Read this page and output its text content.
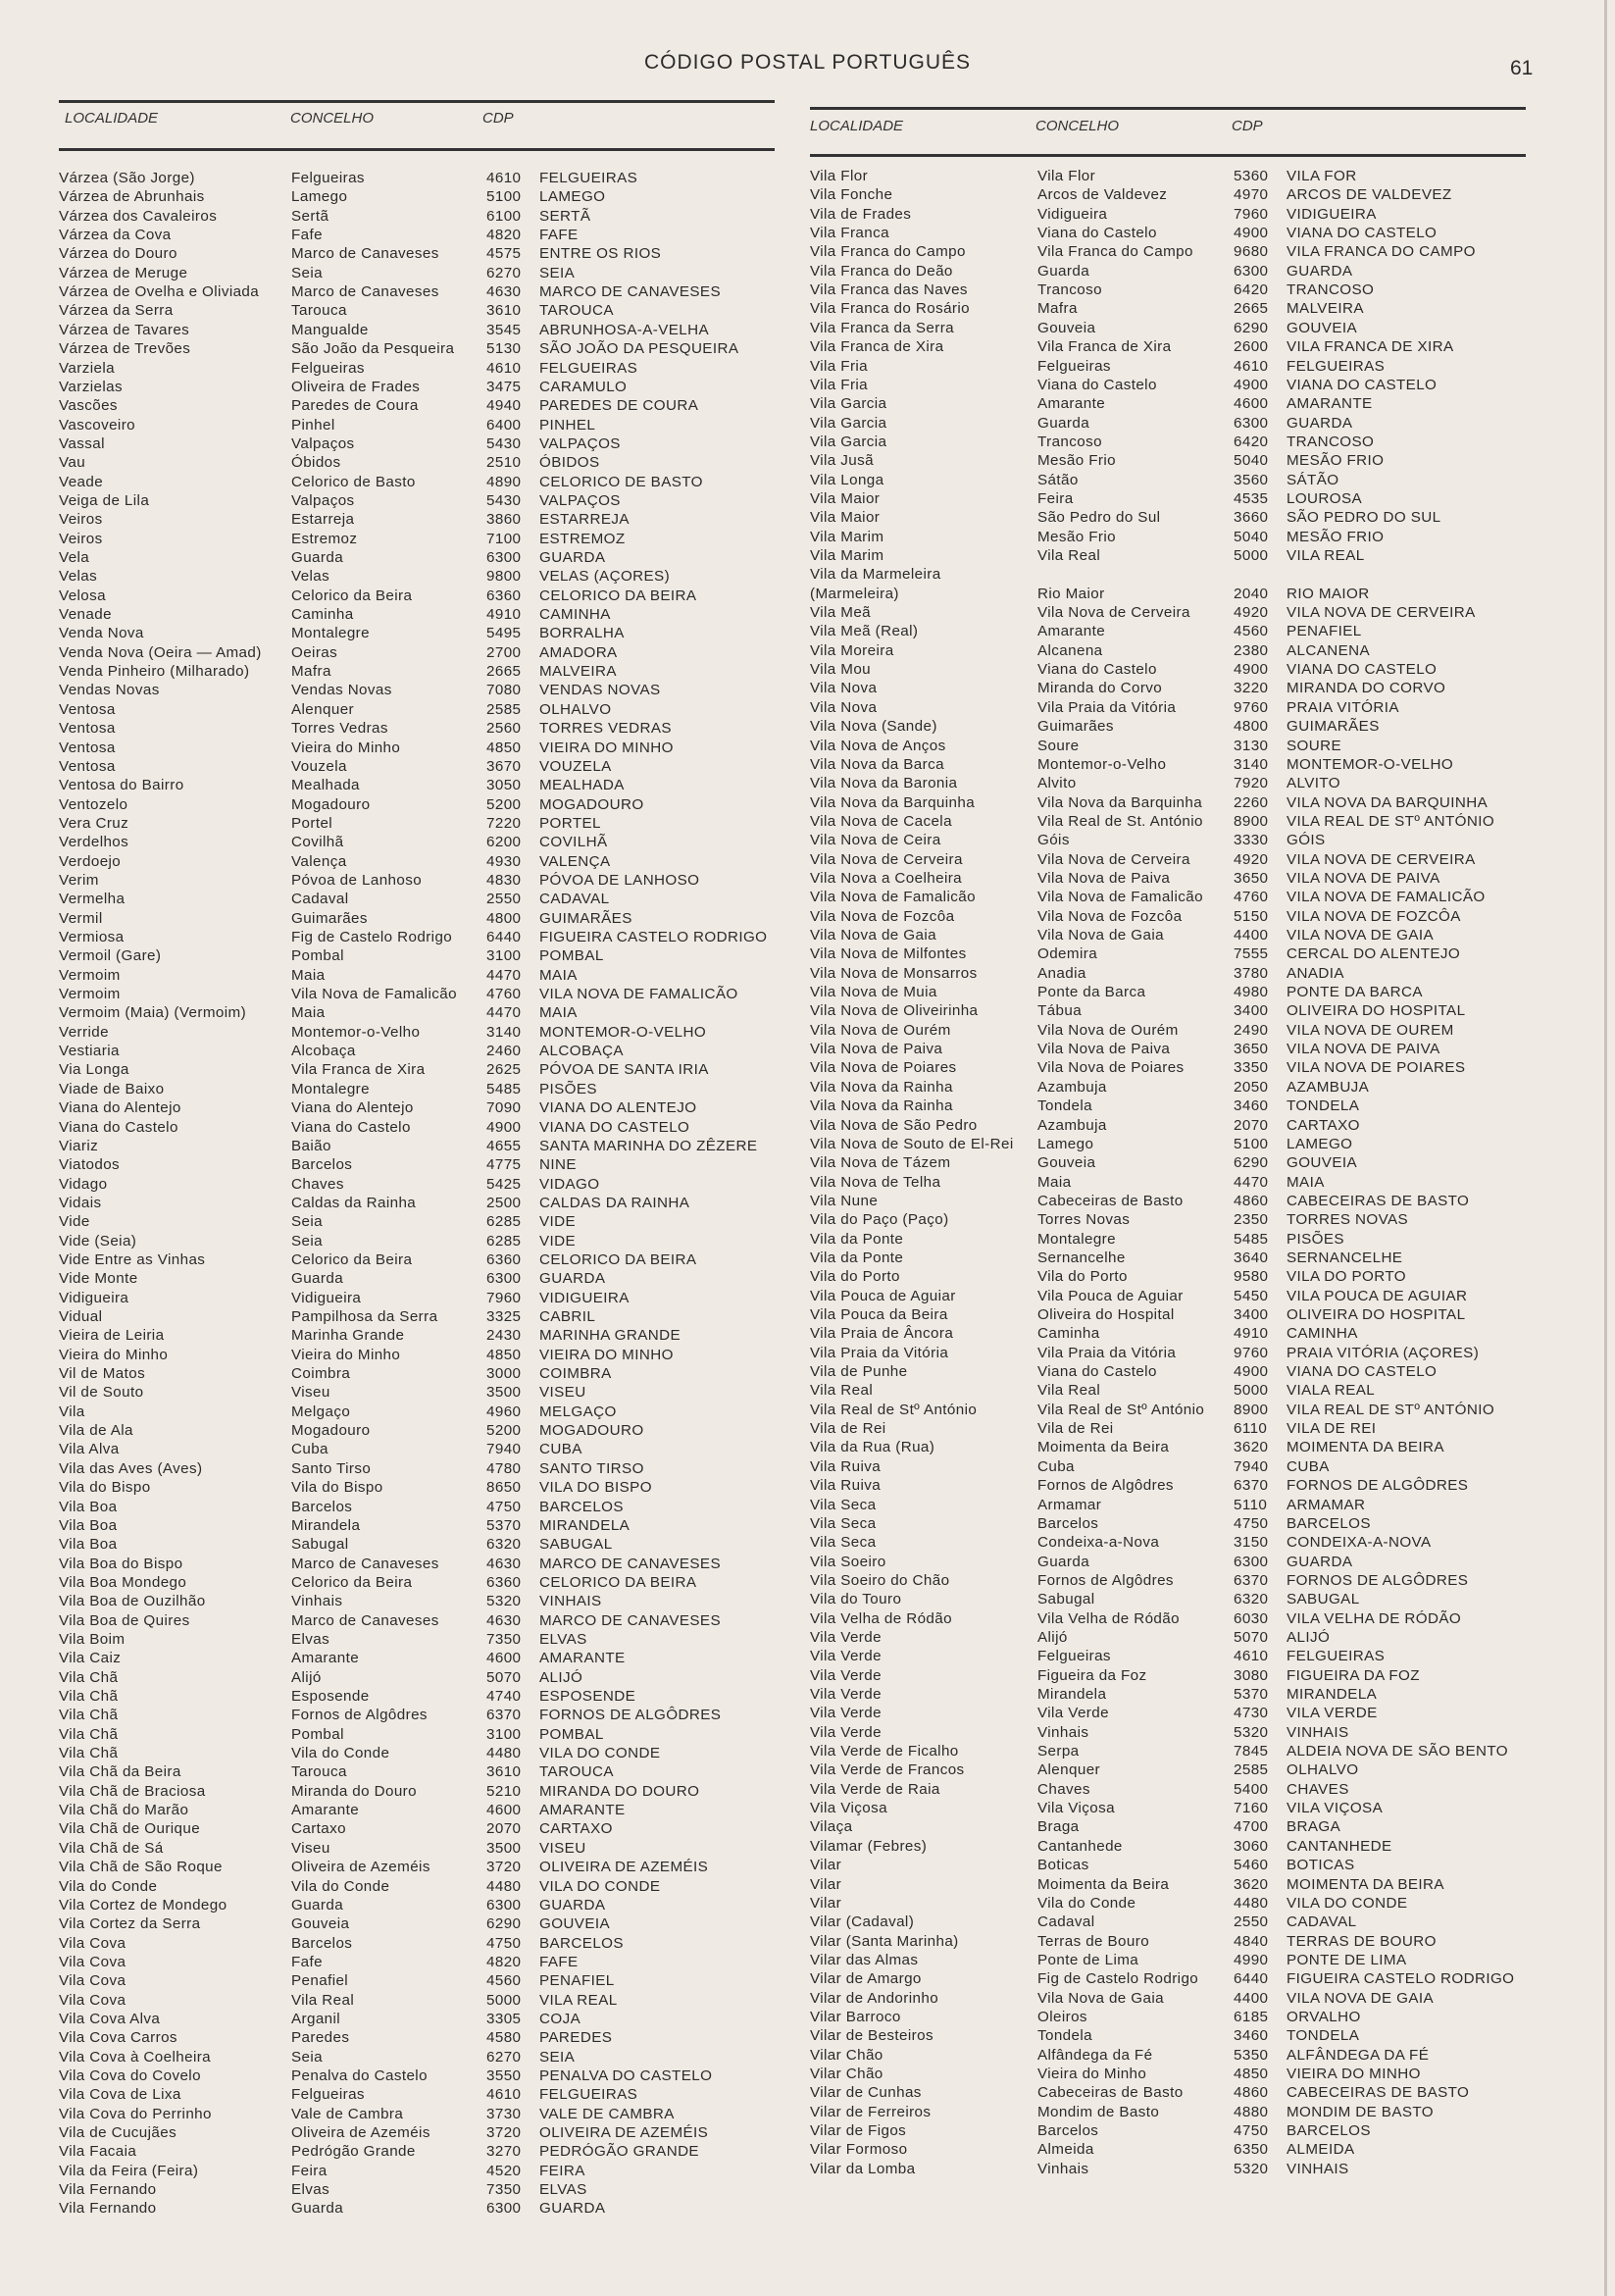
CÓDIGO POSTAL PORTUGUÊS	61
LOCALIDADE	CONCELHO	CDP
Várzea (São Jorge)	Felgueiras	4610	FELGUEIRAS
Várzea de Abrunhais	Lamego	5100	LAMEGO
Várzea dos Cavaleiros	Sertã	6100	SERTÃ
Várzea da Cova	Fafe	4820	FAFE
Várzea do Douro	Marco de Canaveses	4575	ENTRE OS RIOS
Várzea de Meruge	Seia	6270	SEIA
Várzea de Ovelha e Oliviada	Marco de Canaveses	4630	MARCO DE CANAVESES
Várzea da Serra	Tarouca	3610	TAROUCA
Várzea de Tavares	Mangualde	3545	ABRUNHOSA-A-VELHA
Várzea de Trevões	São João da Pesqueira	5130	SÃO JOÃO DA PESQUEIRA
Varziela	Felgueiras	4610	FELGUEIRAS
Varzielas	Oliveira de Frades	3475	CARAMULO
Vascões	Paredes de Coura	4940	PAREDES DE COURA
Vascoveiro	Pinhel	6400	PINHEL
Vassal	Valpaços	5430	VALPAÇOS
Vau	Óbidos	2510	ÓBIDOS
Veade	Celorico de Basto	4890	CELORICO DE BASTO
Veiga de Lila	Valpaços	5430	VALPAÇOS
Veiros	Estarreja	3860	ESTARREJA
Veiros	Estremoz	7100	ESTREMOZ
Vela	Guarda	6300	GUARDA
Velas	Velas	9800	VELAS (AÇORES)
Velosa	Celorico da Beira	6360	CELORICO DA BEIRA
Venade	Caminha	4910	CAMINHA
Venda Nova	Montalegre	5495	BORRALHA
Venda Nova (Oeira — Amad)	Oeiras	2700	AMADORA
Venda Pinheiro (Milharado)	Mafra	2665	MALVEIRA
Vendas Novas	Vendas Novas	7080	VENDAS NOVAS
Ventosa	Alenquer	2585	OLHALVO
Ventosa	Torres Vedras	2560	TORRES VEDRAS
Ventosa	Vieira do Minho	4850	VIEIRA DO MINHO
Ventosa	Vouzela	3670	VOUZELA
Ventosa do Bairro	Mealhada	3050	MEALHADA
Ventozelo	Mogadouro	5200	MOGADOURO
Vera Cruz	Portel	7220	PORTEL
Verdelhos	Covilhã	6200	COVILHÃ
Verdoejo	Valença	4930	VALENÇA
Verim	Póvoa de Lanhoso	4830	PÓVOA DE LANHOSO
Vermelha	Cadaval	2550	CADAVAL
Vermil	Guimarães	4800	GUIMARÃES
Vermiosa	Fig de Castelo Rodrigo	6440	FIGUEIRA CASTELO RODRIGO
Vermoil (Gare)	Pombal	3100	POMBAL
Vermoim	Maia	4470	MAIA
Vermoim	Vila Nova de Famalicão	4760	VILA NOVA DE FAMALICÃO
Vermoim (Maia) (Vermoim)	Maia	4470	MAIA
Verride	Montemor-o-Velho	3140	MONTEMOR-O-VELHO
Vestiaria	Alcobaça	2460	ALCOBAÇA
Via Longa	Vila Franca de Xira	2625	PÓVOA DE SANTA IRIA
Viade de Baixo	Montalegre	5485	PISÕES
Viana do Alentejo	Viana do Alentejo	7090	VIANA DO ALENTEJO
Viana do Castelo	Viana do Castelo	4900	VIANA DO CASTELO
Viariz	Baião	4655	SANTA MARINHA DO ZÊZERE
Viatodos	Barcelos	4775	NINE
Vidago	Chaves	5425	VIDAGO
Vidais	Caldas da Rainha	2500	CALDAS DA RAINHA
Vide	Seia	6285	VIDE
Vide (Seia)	Seia	6285	VIDE
Vide Entre as Vinhas	Celorico da Beira	6360	CELORICO DA BEIRA
Vide Monte	Guarda	6300	GUARDA
Vidigueira	Vidigueira	7960	VIDIGUEIRA
Vidual	Pampilhosa da Serra	3325	CABRIL
Vieira de Leiria	Marinha Grande	2430	MARINHA GRANDE
Vieira do Minho	Vieira do Minho	4850	VIEIRA DO MINHO
Vil de Matos	Coimbra	3000	COIMBRA
Vil de Souto	Viseu	3500	VISEU
Vila	Melgaço	4960	MELGAÇO
Vila de Ala	Mogadouro	5200	MOGADOURO
Vila Alva	Cuba	7940	CUBA
Vila das Aves (Aves)	Santo Tirso	4780	SANTO TIRSO
Vila do Bispo	Vila do Bispo	8650	VILA DO BISPO
Vila Boa	Barcelos	4750	BARCELOS
Vila Boa	Mirandela	5370	MIRANDELA
Vila Boa	Sabugal	6320	SABUGAL
Vila Boa do Bispo	Marco de Canaveses	4630	MARCO DE CANAVESES
Vila Boa Mondego	Celorico da Beira	6360	CELORICO DA BEIRA
Vila Boa de Ouzilhão	Vinhais	5320	VINHAIS
Vila Boa de Quires	Marco de Canaveses	4630	MARCO DE CANAVESES
Vila Boim	Elvas	7350	ELVAS
Vila Caiz	Amarante	4600	AMARANTE
Vila Chã	Alijó	5070	ALIJÓ
Vila Chã	Esposende	4740	ESPOSENDE
Vila Chã	Fornos de Algôdres	6370	FORNOS DE ALGÔDRES
Vila Chã	Pombal	3100	POMBAL
Vila Chã	Vila do Conde	4480	VILA DO CONDE
Vila Chã da Beira	Tarouca	3610	TAROUCA
Vila Chã de Braciosa	Miranda do Douro	5210	MIRANDA DO DOURO
Vila Chã do Marão	Amarante	4600	AMARANTE
Vila Chã de Ourique	Cartaxo	2070	CARTAXO
Vila Chã de Sá	Viseu	3500	VISEU
Vila Chã de São Roque	Oliveira de Azeméis	3720	OLIVEIRA DE AZEMÉIS
Vila do Conde	Vila do Conde	4480	VILA DO CONDE
Vila Cortez de Mondego	Guarda	6300	GUARDA
Vila Cortez da Serra	Gouveia	6290	GOUVEIA
Vila Cova	Barcelos	4750	BARCELOS
Vila Cova	Fafe	4820	FAFE
Vila Cova	Penafiel	4560	PENAFIEL
Vila Cova	Vila Real	5000	VILA REAL
Vila Cova Alva	Arganil	3305	COJA
Vila Cova Carros	Paredes	4580	PAREDES
Vila Cova à Coelheira	Seia	6270	SEIA
Vila Cova do Covelo	Penalva do Castelo	3550	PENALVA DO CASTELO
Vila Cova de Lixa	Felgueiras	4610	FELGUEIRAS
Vila Cova do Perrinho	Vale de Cambra	3730	VALE DE CAMBRA
Vila de Cucujães	Oliveira de Azeméis	3720	OLIVEIRA DE AZEMÉIS
Vila Facaia	Pedrógão Grande	3270	PEDRÓGÃO GRANDE
Vila da Feira (Feira)	Feira	4520	FEIRA
Vila Fernando	Elvas	7350	ELVAS
Vila Fernando	Guarda	6300	GUARDA
LOCALIDADE	CONCELHO	CDP
Vila Flor	Vila Flor	5360	VILA FOR
Vila Fonche	Arcos de Valdevez	4970	ARCOS DE VALDEVEZ
Vila de Frades	Vidigueira	7960	VIDIGUEIRA
Vila Franca	Viana do Castelo	4900	VIANA DO CASTELO
Vila Franca do Campo	Vila Franca do Campo	9680	VILA FRANCA DO CAMPO
Vila Franca do Deão	Guarda	6300	GUARDA
Vila Franca das Naves	Trancoso	6420	TRANCOSO
Vila Franca do Rosário	Mafra	2665	MALVEIRA
Vila Franca da Serra	Gouveia	6290	GOUVEIA
Vila Franca de Xira	Vila Franca de Xira	2600	VILA FRANCA DE XIRA
Vila Fria	Felgueiras	4610	FELGUEIRAS
Vila Fria	Viana do Castelo	4900	VIANA DO CASTELO
Vila Garcia	Amarante	4600	AMARANTE
Vila Garcia	Guarda	6300	GUARDA
Vila Garcia	Trancoso	6420	TRANCOSO
Vila Jusã	Mesão Frio	5040	MESÃO FRIO
Vila Longa	Sátão	3560	SÁTÃO
Vila Maior	Feira	4535	LOUROSA
Vila Maior	São Pedro do Sul	3660	SÃO PEDRO DO SUL
Vila Marim	Mesão Frio	5040	MESÃO FRIO
Vila Marim	Vila Real	5000	VILA REAL
Vila da Marmeleira
(Marmeleira)	Rio Maior	2040	RIO MAIOR
Vila Meã	Vila Nova de Cerveira	4920	VILA NOVA DE CERVEIRA
Vila Meã (Real)	Amarante	4560	PENAFIEL
Vila Moreira	Alcanena	2380	ALCANENA
Vila Mou	Viana do Castelo	4900	VIANA DO CASTELO
Vila Nova	Miranda do Corvo	3220	MIRANDA DO CORVO
Vila Nova	Vila Praia da Vitória	9760	PRAIA VITÓRIA
Vila Nova (Sande)	Guimarães	4800	GUIMARÃES
Vila Nova de Anços	Soure	3130	SOURE
Vila Nova da Barca	Montemor-o-Velho	3140	MONTEMOR-O-VELHO
Vila Nova da Baronia	Alvito	7920	ALVITO
Vila Nova da Barquinha	Vila Nova da Barquinha	2260	VILA NOVA DA BARQUINHA
Vila Nova de Cacela	Vila Real de St. António	8900	VILA REAL DE STº ANTÓNIO
Vila Nova de Ceira	Góis	3330	GÓIS
Vila Nova de Cerveira	Vila Nova de Cerveira	4920	VILA NOVA DE CERVEIRA
Vila Nova a Coelheira	Vila Nova de Paiva	3650	VILA NOVA DE PAIVA
Vila Nova de Famalicão	Vila Nova de Famalicão	4760	VILA NOVA DE FAMALICÃO
Vila Nova de Fozcôa	Vila Nova de Fozcôa	5150	VILA NOVA DE FOZCÔA
Vila Nova de Gaia	Vila Nova de Gaia	4400	VILA NOVA DE GAIA
Vila Nova de Milfontes	Odemira	7555	CERCAL DO ALENTEJO
Vila Nova de Monsarros	Anadia	3780	ANADIA
Vila Nova de Muia	Ponte da Barca	4980	PONTE DA BARCA
Vila Nova de Oliveirinha	Tábua	3400	OLIVEIRA DO HOSPITAL
Vila Nova de Ourém	Vila Nova de Ourém	2490	VILA NOVA DE OUREM
Vila Nova de Paiva	Vila Nova de Paiva	3650	VILA NOVA DE PAIVA
Vila Nova de Poiares	Vila Nova de Poiares	3350	VILA NOVA DE POIARES
Vila Nova da Rainha	Azambuja	2050	AZAMBUJA
Vila Nova da Rainha	Tondela	3460	TONDELA
Vila Nova de São Pedro	Azambuja	2070	CARTAXO
Vila Nova de Souto de El-Rei	Lamego	5100	LAMEGO
Vila Nova de Tázem	Gouveia	6290	GOUVEIA
Vila Nova de Telha	Maia	4470	MAIA
Vila Nune	Cabeceiras de Basto	4860	CABECEIRAS DE BASTO
Vila do Paço (Paço)	Torres Novas	2350	TORRES NOVAS
Vila da Ponte	Montalegre	5485	PISÕES
Vila da Ponte	Sernancelhe	3640	SERNANCELHE
Vila do Porto	Vila do Porto	9580	VILA DO PORTO
Vila Pouca de Aguiar	Vila Pouca de Aguiar	5450	VILA POUCA DE AGUIAR
Vila Pouca da Beira	Oliveira do Hospital	3400	OLIVEIRA DO HOSPITAL
Vila Praia de Âncora	Caminha	4910	CAMINHA
Vila Praia da Vitória	Vila Praia da Vitória	9760	PRAIA VITÓRIA (AÇORES)
Vila de Punhe	Viana do Castelo	4900	VIANA DO CASTELO
Vila Real	Vila Real	5000	VIALA REAL
Vila Real de Stº António	Vila Real de Stº António	8900	VILA REAL DE STº ANTÓNIO
Vila de Rei	Vila de Rei	6110	VILA DE REI
Vila da Rua (Rua)	Moimenta da Beira	3620	MOIMENTA DA BEIRA
Vila Ruiva	Cuba	7940	CUBA
Vila Ruiva	Fornos de Algôdres	6370	FORNOS DE ALGÔDRES
Vila Seca	Armamar	5110	ARMAMAR
Vila Seca	Barcelos	4750	BARCELOS
Vila Seca	Condeixa-a-Nova	3150	CONDEIXA-A-NOVA
Vila Soeiro	Guarda	6300	GUARDA
Vila Soeiro do Chão	Fornos de Algôdres	6370	FORNOS DE ALGÔDRES
Vila do Touro	Sabugal	6320	SABUGAL
Vila Velha de Ródão	Vila Velha de Ródão	6030	VILA VELHA DE RÓDÃO
Vila Verde	Alijó	5070	ALIJÓ
Vila Verde	Felgueiras	4610	FELGUEIRAS
Vila Verde	Figueira da Foz	3080	FIGUEIRA DA FOZ
Vila Verde	Mirandela	5370	MIRANDELA
Vila Verde	Vila Verde	4730	VILA VERDE
Vila Verde	Vinhais	5320	VINHAIS
Vila Verde de Ficalho	Serpa	7845	ALDEIA NOVA DE SÃO BENTO
Vila Verde de Francos	Alenquer	2585	OLHALVO
Vila Verde de Raia	Chaves	5400	CHAVES
Vila Viçosa	Vila Viçosa	7160	VILA VIÇOSA
Vilaça	Braga	4700	BRAGA
Vilamar (Febres)	Cantanhede	3060	CANTANHEDE
Vilar	Boticas	5460	BOTICAS
Vilar	Moimenta da Beira	3620	MOIMENTA DA BEIRA
Vilar	Vila do Conde	4480	VILA DO CONDE
Vilar (Cadaval)	Cadaval	2550	CADAVAL
Vilar (Santa Marinha)	Terras de Bouro	4840	TERRAS DE BOURO
Vilar das Almas	Ponte de Lima	4990	PONTE DE LIMA
Vilar de Amargo	Fig de Castelo Rodrigo	6440	FIGUEIRA CASTELO RODRIGO
Vilar de Andorinho	Vila Nova de Gaia	4400	VILA NOVA DE GAIA
Vilar Barroco	Oleiros	6185	ORVALHO
Vilar de Besteiros	Tondela	3460	TONDELA
Vilar Chão	Alfândega da Fé	5350	ALFÂNDEGA DA FÉ
Vilar Chão	Vieira do Minho	4850	VIEIRA DO MINHO
Vilar de Cunhas	Cabeceiras de Basto	4860	CABECEIRAS DE BASTO
Vilar de Ferreiros	Mondim de Basto	4880	MONDIM DE BASTO
Vilar de Figos	Barcelos	4750	BARCELOS
Vilar Formoso	Almeida	6350	ALMEIDA
Vilar da Lomba	Vinhais	5320	VINHAIS
